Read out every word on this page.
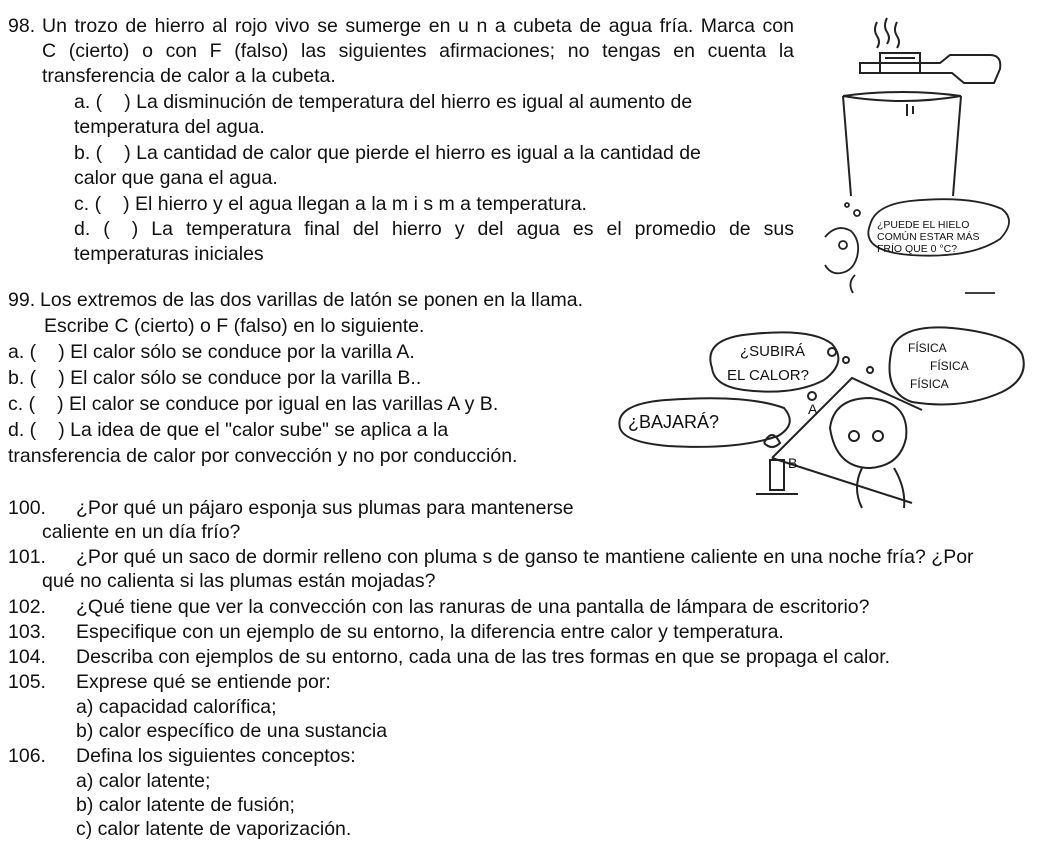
98. Un trozo de hierro al rojo vivo se sumerge en u n a cubeta de agua fría. Marca con
C (cierto) o con F (falso) las siguientes afirmaciones; no tengas en cuenta la
transferencia de calor a la cubeta.
a. ( ) La disminución de temperatura del hierro es igual al aumento de
temperatura del agua.
b. ( ) La cantidad de calor que pierde el hierro es igual a la cantidad de
calor que gana el agua.
c. ( ) El hierro y el agua llegan a la m i s m a temperatura.
d. ( ) La temperatura final del hierro y del agua es el promedio de sus
temperaturas iniciales
¿PUEDE EL HIELO
COMÚN ESTAR MÁS
FRÍO QUE 0 °C?
99. Los extremos de las dos varillas de latón se ponen en la llama.
Escribe C (cierto) o F (falso) en lo siguiente.
a. ( ) El calor sólo se conduce por la varilla A.
b. ( ) El calor sólo se conduce por la varilla B..
c. ( ) El calor se conduce por igual en las varillas A y B.
d. ( ) La idea de que el "calor sube" se aplica a la
transferencia de calor por convección y no por conducción.
¿SUBIRÁ
EL CALOR?
¿BAJARÁ?
FÍSICA
FÍSICA
FÍSICA
A
B
100. ¿Por qué un pájaro esponja sus plumas para mantenerse
caliente en un día frío?
101. ¿Por qué un saco de dormir relleno con pluma s de ganso te mantiene caliente en una noche fría? ¿Por
qué no calienta si las plumas están mojadas?
102. ¿Qué tiene que ver la convección con las ranuras de una pantalla de lámpara de escritorio?
103. Especifique con un ejemplo de su entorno, la diferencia entre calor y temperatura.
104. Describa con ejemplos de su entorno, cada una de las tres formas en que se propaga el calor.
105. Exprese qué se entiende por:
a) capacidad calorífica;
b) calor específico de una sustancia
106. Defina los siguientes conceptos:
a) calor latente;
b) calor latente de fusión;
c) calor latente de vaporización.
